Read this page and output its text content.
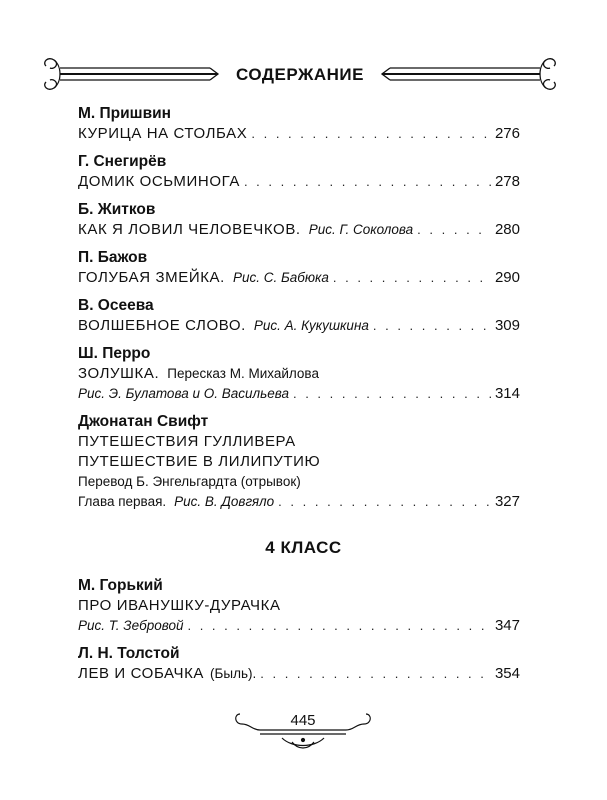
СОДЕРЖАНИЕ
М. Пришвин
КУРИЦА НА СТОЛБАХ . . .	276
Г. Снегирёв
ДОМИК ОСЬМИНОГА . . .	278
Б. Житков
КАК Я ЛОВИЛ ЧЕЛОВЕЧКОВ. Рис. Г. Соколова . . .	280
П. Бажов
ГОЛУБАЯ ЗМЕЙКА. Рис. С. Бабюка . . .	290
В. Осеева
ВОЛШЕБНОЕ СЛОВО. Рис. А. Кукушкина . . .	309
Ш. Перро
ЗОЛУШКА. Пересказ М. Михайлова
Рис. Э. Булатова и О. Васильева . . .	314
Джонатан Свифт
ПУТЕШЕСТВИЯ ГУЛЛИВЕРА
ПУТЕШЕСТВИЕ В ЛИЛИПУТИЮ
Перевод Б. Энгельгардта (отрывок)
Глава первая. Рис. В. Довгяло . . .	327
4 КЛАСС
М. Горький
ПРО ИВАНУШКУ-ДУРАЧКА
Рис. Т. Зебровой . . .	347
Л. Н. Толстой
ЛЕВ И СОБАЧКА (Быль). . . .	354
445
